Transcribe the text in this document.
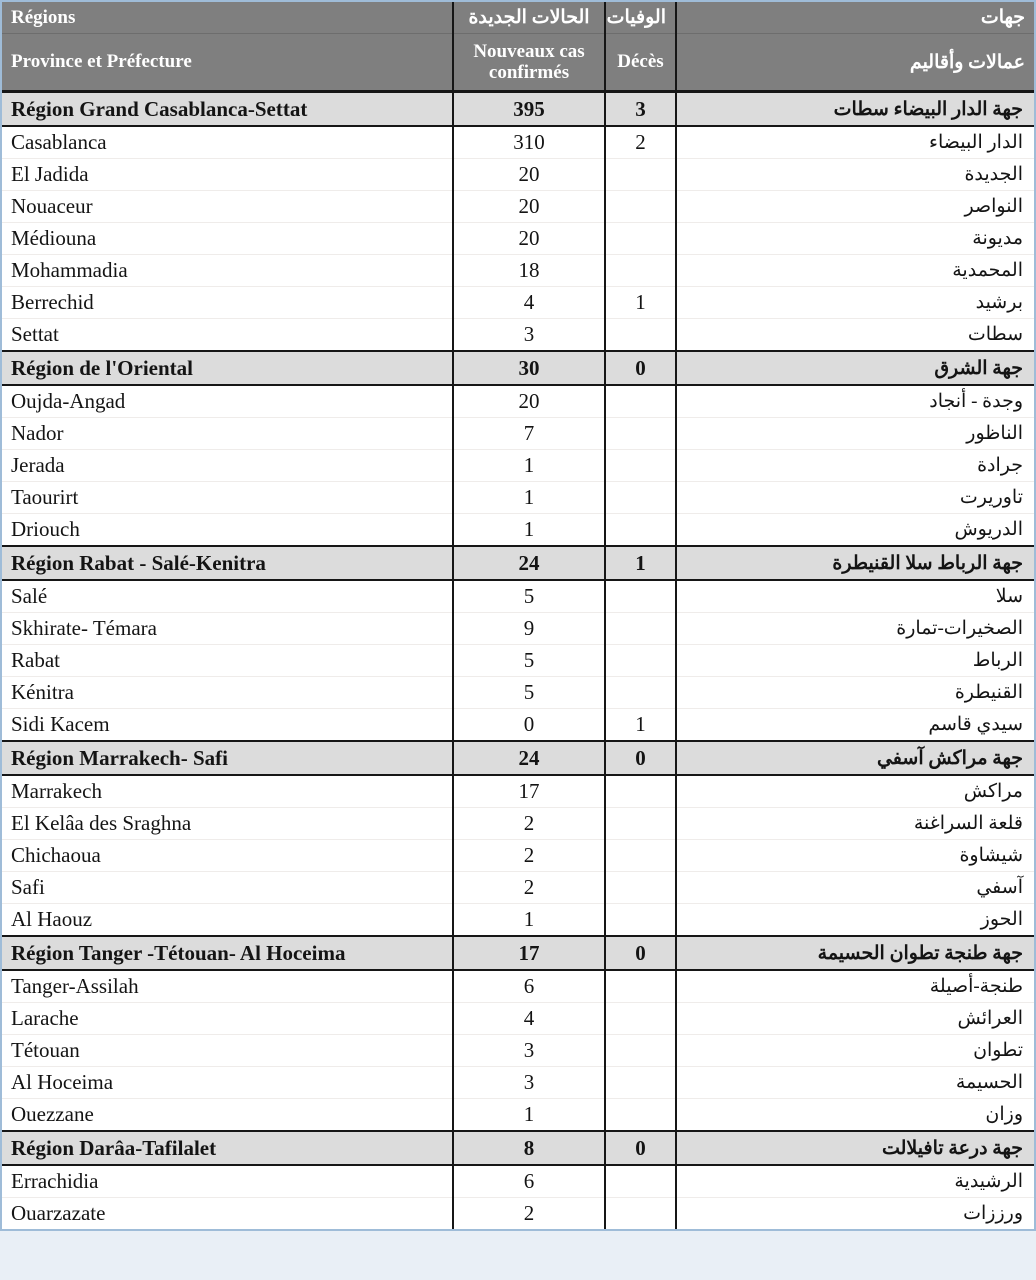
Régions	الحالات الجديدة	الوفيات	جهات
Province et Préfecture	Nouveaux cas confirmés	Décès	عمالات وأقاليم
Région Grand Casablanca-Settat	395	3	جهة الدار البيضاء سطات
Casablanca	310	2	الدار البيضاء
El Jadida	20		الجديدة
Nouaceur	20		النواصر
Médiouna	20		مديونة
Mohammadia	18		المحمدية
Berrechid	4	1	برشيد
Settat	3		سطات
Région de l'Oriental	30	0	جهة الشرق
Oujda-Angad	20		وجدة - أنجاد
Nador	7		الناظور
Jerada	1		جرادة
Taourirt	1		تاوريرت
Driouch	1		الدريوش
Région Rabat - Salé-Kenitra	24	1	جهة الرباط سلا القنيطرة
Salé	5		سلا
Skhirate- Témara	9		الصخيرات-تمارة
Rabat	5		الرباط
Kénitra	5		القنيطرة
Sidi Kacem	0	1	سيدي قاسم
Région Marrakech- Safi	24	0	جهة مراكش آسفي
Marrakech	17		مراكش
El Kelâa des Sraghna	2		قلعة السراغنة
Chichaoua	2		شيشاوة
Safi	2		آسفي
Al Haouz	1		الحوز
Région Tanger -Tétouan- Al Hoceima	17	0	جهة طنجة تطوان الحسيمة
Tanger-Assilah	6		طنجة-أصيلة
Larache	4		العرائش
Tétouan	3		تطوان
Al Hoceima	3		الحسيمة
Ouezzane	1		وزان
Région Darâa-Tafilalet	8	0	جهة درعة تافيلالت
Errachidia	6		الرشيدية
Ouarzazate	2		ورززات
